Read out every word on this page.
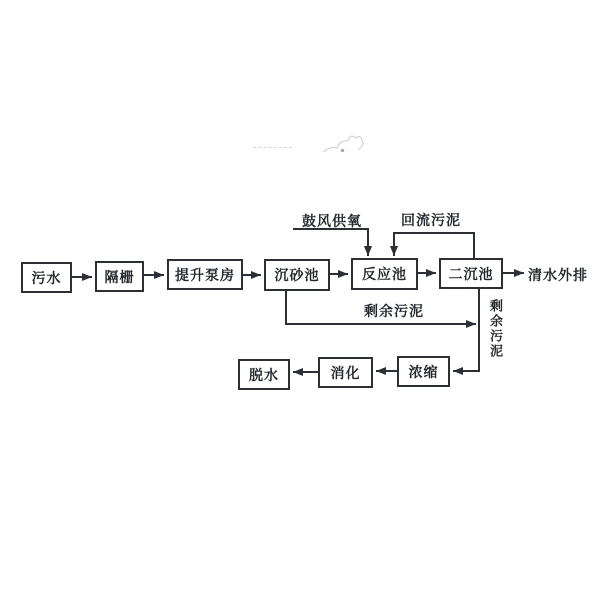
污水	隔栅	提升泵房	沉砂池	反应池	二沉池
浓缩
消化
脱水
鼓风供氧	回流污泥
清水外排
剩余污泥	剩余污泥
